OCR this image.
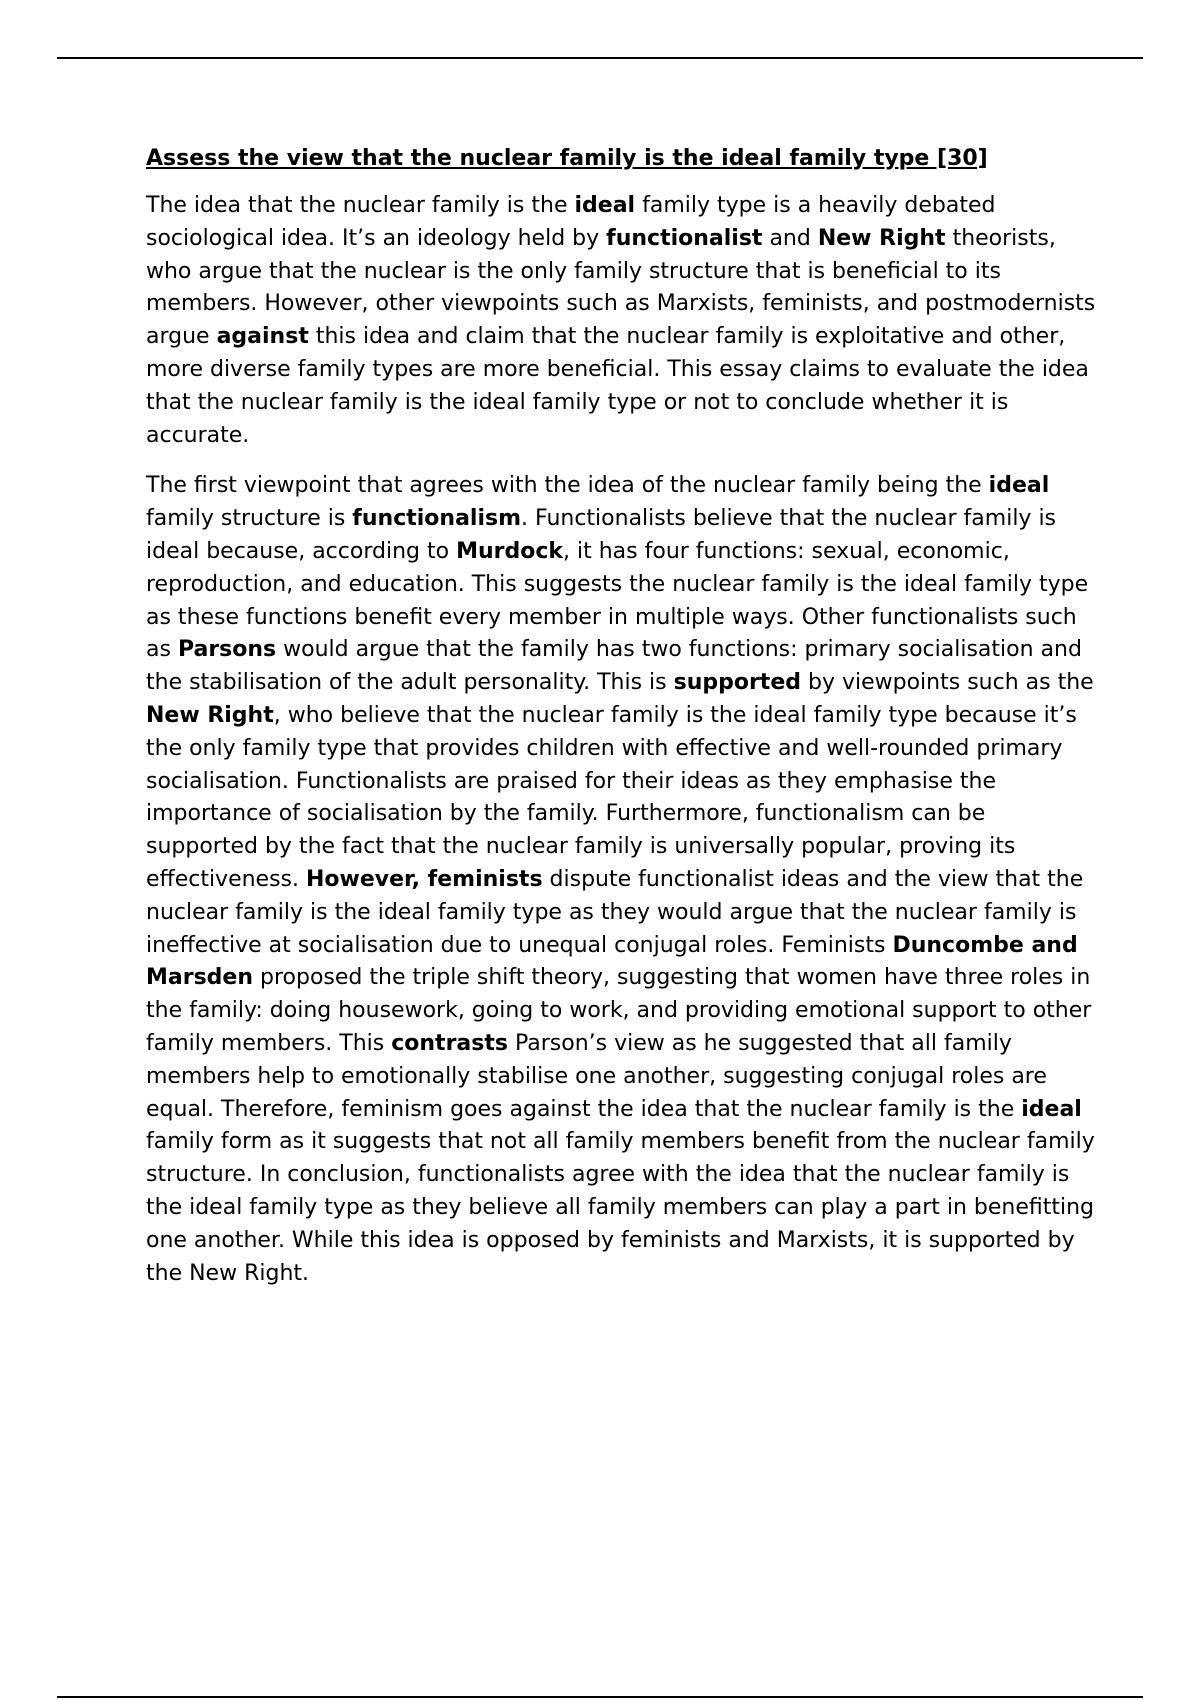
Assess the view that the nuclear family is the ideal family type [30]

The idea that the nuclear family is the ideal family type is a heavily debated sociological idea. It’s an ideology held by functionalist and New Right theorists, who argue that the nuclear is the only family structure that is beneficial to its members. However, other viewpoints such as Marxists, feminists, and postmodernists argue against this idea and claim that the nuclear family is exploitative and other, more diverse family types are more beneficial. This essay claims to evaluate the idea that the nuclear family is the ideal family type or not to conclude whether it is accurate.

The first viewpoint that agrees with the idea of the nuclear family being the ideal family structure is functionalism. Functionalists believe that the nuclear family is ideal because, according to Murdock, it has four functions: sexual, economic, reproduction, and education. This suggests the nuclear family is the ideal family type as these functions benefit every member in multiple ways. Other functionalists such as Parsons would argue that the family has two functions: primary socialisation and the stabilisation of the adult personality. This is supported by viewpoints such as the New Right, who believe that the nuclear family is the ideal family type because it’s the only family type that provides children with effective and well-rounded primary socialisation. Functionalists are praised for their ideas as they emphasise the importance of socialisation by the family. Furthermore, functionalism can be supported by the fact that the nuclear family is universally popular, proving its effectiveness. However, feminists dispute functionalist ideas and the view that the nuclear family is the ideal family type as they would argue that the nuclear family is ineffective at socialisation due to unequal conjugal roles. Feminists Duncombe and Marsden proposed the triple shift theory, suggesting that women have three roles in the family: doing housework, going to work, and providing emotional support to other family members. This contrasts Parson’s view as he suggested that all family members help to emotionally stabilise one another, suggesting conjugal roles are equal. Therefore, feminism goes against the idea that the nuclear family is the ideal family form as it suggests that not all family members benefit from the nuclear family structure. In conclusion, functionalists agree with the idea that the nuclear family is the ideal family type as they believe all family members can play a part in benefitting one another. While this idea is opposed by feminists and Marxists, it is supported by the New Right.
